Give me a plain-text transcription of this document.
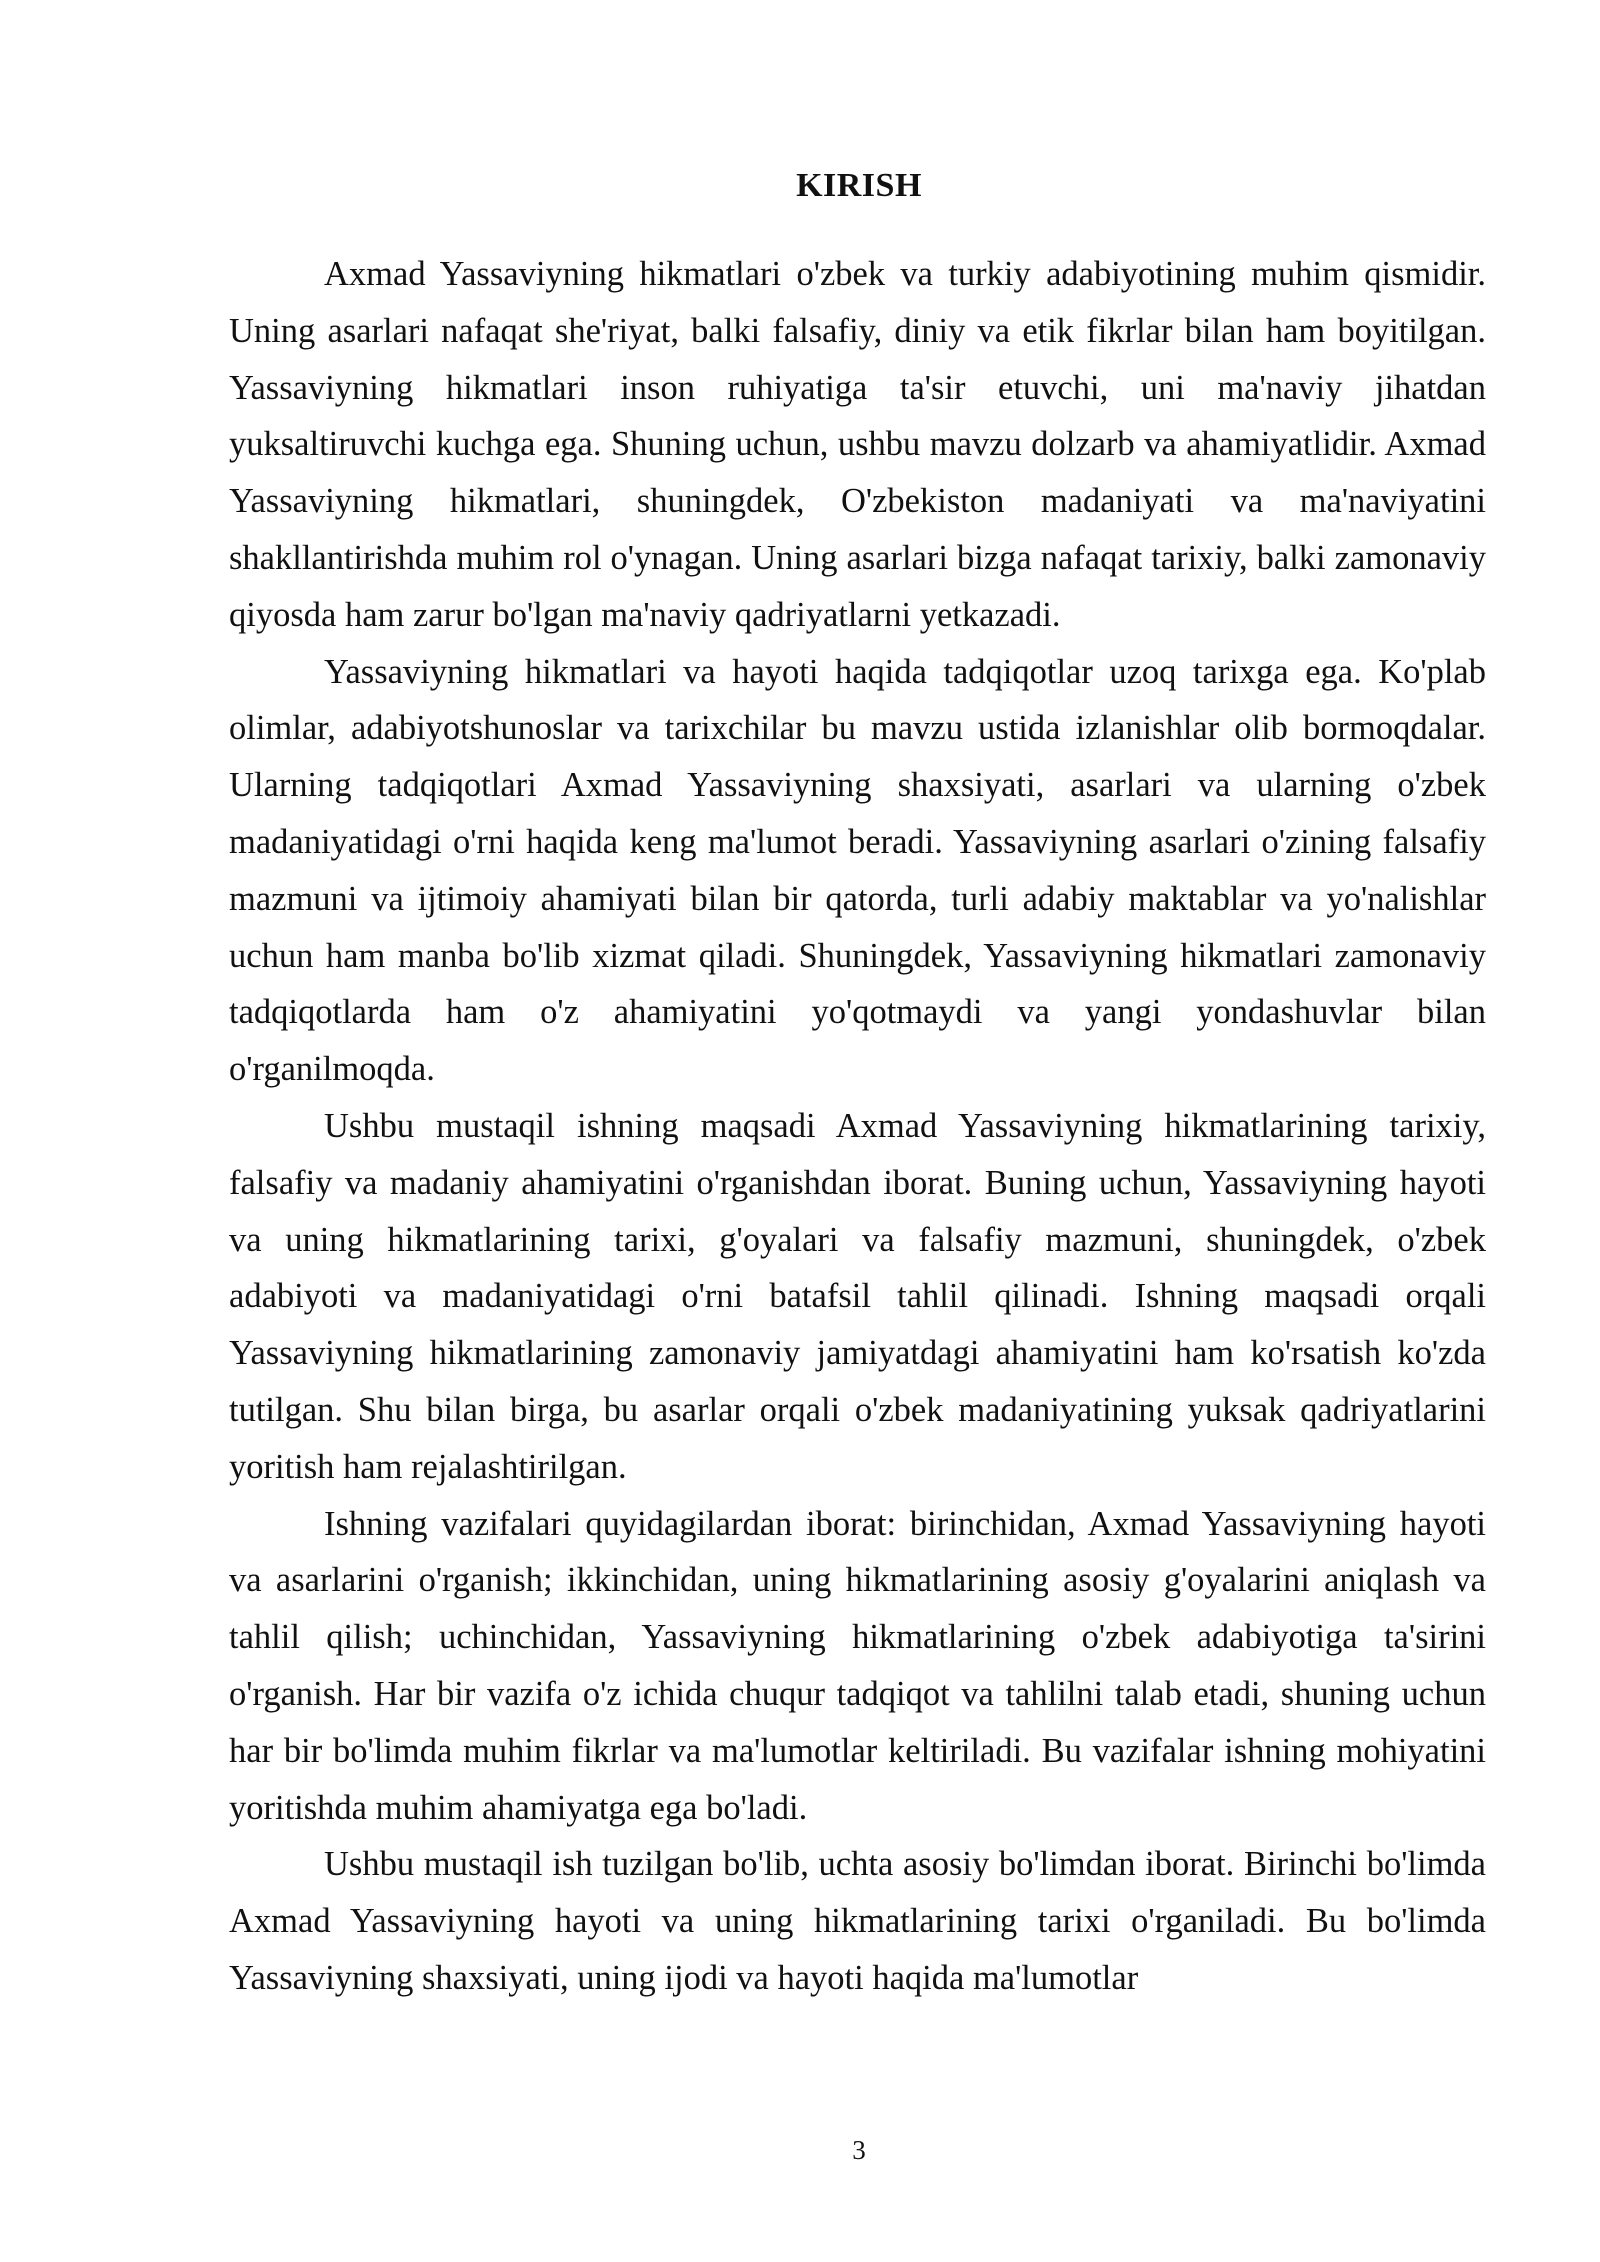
KIRISH

Axmad Yassaviyning hikmatlari o'zbek va turkiy adabiyotining muhim qismidir. Uning asarlari nafaqat she'riyat, balki falsafiy, diniy va etik fikrlar bilan ham boyitilgan. Yassaviyning hikmatlari inson ruhiyatiga ta'sir etuvchi, uni ma'naviy jihatdan yuksaltiruvchi kuchga ega. Shuning uchun, ushbu mavzu dolzarb va ahamiyatlidir. Axmad Yassaviyning hikmatlari, shuningdek, O'zbekiston madaniyati va ma'naviyatini shakllantirishda muhim rol o'ynagan. Uning asarlari bizga nafaqat tarixiy, balki zamonaviy qiyosda ham zarur bo'lgan ma'naviy qadriyatlarni yetkazadi.

Yassaviyning hikmatlari va hayoti haqida tadqiqotlar uzoq tarixga ega. Ko'plab olimlar, adabiyotshunoslar va tarixchilar bu mavzu ustida izlanishlar olib bormoqdalar. Ularning tadqiqotlari Axmad Yassaviyning shaxsiyati, asarlari va ularning o'zbek madaniyatidagi o'rni haqida keng ma'lumot beradi. Yassaviyning asarlari o'zining falsafiy mazmuni va ijtimoiy ahamiyati bilan bir qatorda, turli adabiy maktablar va yo'nalishlar uchun ham manba bo'lib xizmat qiladi. Shuningdek, Yassaviyning hikmatlari zamonaviy tadqiqotlarda ham o'z ahamiyatini yo'qotmaydi va yangi yondashuvlar bilan o'rganilmoqda.

Ushbu mustaqil ishning maqsadi Axmad Yassaviyning hikmatlarining tarixiy, falsafiy va madaniy ahamiyatini o'rganishdan iborat. Buning uchun, Yassaviyning hayoti va uning hikmatlarining tarixi, g'oyalari va falsafiy mazmuni, shuningdek, o'zbek adabiyoti va madaniyatidagi o'rni batafsil tahlil qilinadi. Ishning maqsadi orqali Yassaviyning hikmatlarining zamonaviy jamiyatdagi ahamiyatini ham ko'rsatish ko'zda tutilgan. Shu bilan birga, bu asarlar orqali o'zbek madaniyatining yuksak qadriyatlarini yoritish ham rejalashtirilgan.

Ishning vazifalari quyidagilardan iborat: birinchidan, Axmad Yassaviyning hayoti va asarlarini o'rganish; ikkinchidan, uning hikmatlarining asosiy g'oyalarini aniqlash va tahlil qilish; uchinchidan, Yassaviyning hikmatlarining o'zbek adabiyotiga ta'sirini o'rganish. Har bir vazifa o'z ichida chuqur tadqiqot va tahlilni talab etadi, shuning uchun har bir bo'limda muhim fikrlar va ma'lumotlar keltiriladi. Bu vazifalar ishning mohiyatini yoritishda muhim ahamiyatga ega bo'ladi.

Ushbu mustaqil ish tuzilgan bo'lib, uchta asosiy bo'limdan iborat. Birinchi bo'limda Axmad Yassaviyning hayoti va uning hikmatlarining tarixi o'rganiladi. Bu bo'limda Yassaviyning shaxsiyati, uning ijodi va hayoti haqida ma'lumotlar

3
